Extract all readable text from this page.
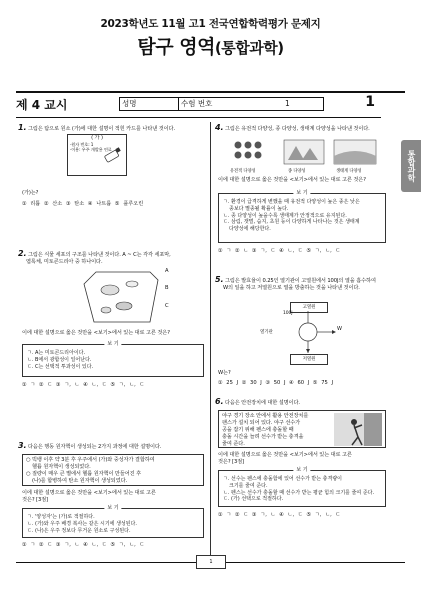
2023학년도 11월 고1 전국연합학력평가 문제지
탐구 영역(통합과학)
제 4 교시	성명	수험 번호	1	1
통합과학
1. 그림은 탐으로 원소 (가)에 대한 설명이 적힌 카드를 나타낸 것이다.
( 가 )
·원자 번호: 1
·이용: 우주 개발용 연료
(가)는?
① 리튬 ② 산소 ③ 탄소 ④ 나트륨 ⑤ 플루오린
2. 그림은 식물 세포의 구조를 나타낸 것이다. A ~ C는 각각 세포막,
엽록체, 미토콘드리아 중 하나이다.
A
B
C
이에 대한 설명으로 옳은 것만을 <보기>에서 있는 대로 고른 것은?
보 기
ㄱ. A는 미토콘드리아이다.
ㄴ. B에서 광합성이 일어난다.
ㄷ. C는 선택적 투과성이 있다.
① ㄱ ② ㄷ ③ ㄱ, ㄴ ④ ㄴ, ㄷ ⑤ ㄱ, ㄴ, ㄷ
3. 다음은 행동 원자핵이 생성되는 2가지 과정에 대한 설명이다.
○ 빅뱅 이후 약 3분 후 우주에서 (가)와 중성자가 결합하여
헬륨 원자핵이 생성되었다.
○ 질량이 매우 큰 별에서 헬륨 원자핵이 만들어진 후
(나)를 합병하여 탄소 원자핵이 생성되었다.
이에 대한 설명으로 옳은 것만을 <보기>에서 있는 대로 고른
것은? [3점]
보 기
ㄱ. '양성자'는 (가)로 적절하다.
ㄴ. (가)와 우주 배경 복사는 같은 시기에 생성된다.
ㄷ. (나)은 우주 정보다 무거운 원소로 구성된다.
① ㄱ ② ㄷ ③ ㄱ, ㄴ ④ ㄴ, ㄷ ⑤ ㄱ, ㄴ, ㄷ
4. 그림은 유전적 다양성, 종 다양성, 생태계 다양성을 나타낸 것이다.
유전적 다양성	종 다양성	생태계 다양성
이에 대한 설명으로 옳은 것만을 <보기>에서 있는 대로 고른 것은?
보 기
ㄱ. 환경이 급격하게 변했을 때 유전적 다양성이 높은 종은 낮은
종보다 멸종될 확률이 높다.
ㄴ. 종 다양성이 높을수록 생태계가 안정적으로 유지된다.
ㄷ. 삼림, 갯벌, 습지, 초원 등이 다양하게 나타나는 것은 생태계
다양성에 해당한다.
① ㄱ ② ㄴ ③ ㄱ, ㄷ ④ ㄴ, ㄷ ⑤ ㄱ, ㄴ, ㄷ
5. 그림은 발효율이 0.25인 열기관이 고열원에서 100J의 열을 흡수하여
W의 일을 하고 저열원으로 열을 방출하는 것을 나타낸 것이다.
고열원
100J
열기관
W
저열원
W는?
① 25 J ② 30 J ③ 50 J ④ 60 J ⑤ 75 J
6. 다음은 안전장치에 대한 설명이다.
야구 경기 장소 안에서 활용 안전장치를
팬스가 설치 되어 있다. 야구 선수가
공을 잡기 위해 펜스에 충돌할 때
충돌 시간을 늘려 선수가 받는 충격을
줄여 준다.
이에 대한 설명으로 옳은 것만을 <보기>에서 있는 대로 고른
것은? [3점]
보 기
ㄱ. 선수는 펜스에 충돌함에 있어 선수가 받는 충격량이
크기를 줄여 준다.
ㄴ. 펜스는 선수가 충돌할 때 선수가 받는 평균 힘의 크기를 줄여 준다.
ㄷ. (가) 선택으로 적절하다.
① ㄱ ② ㄷ ③ ㄱ, ㄴ ④ ㄴ, ㄷ ⑤ ㄱ, ㄴ, ㄷ
1
